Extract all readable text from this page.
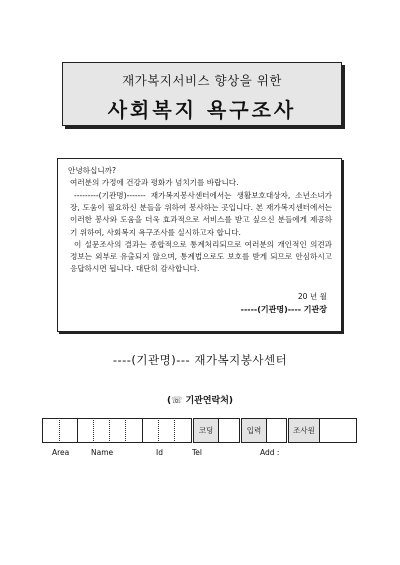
재가복지서비스 향상을 위한
사회복지 욕구조사

안녕하십니까?

여러분의 가정에 건강과 평화가 넘치기를 바랍니다.

---------(기관명)------- 재가복지봉사센터에서는 생활보호대상자, 소년소녀가장, 도움이 필요하신 분들을 위하여 봉사하는 곳입니다. 본 재가복지센터에서는 이러한 봉사와 도움을 더욱 효과적으로 서비스를 받고 싶으신 분들에게 제공하기 위하여, 사회복지 욕구조사를 실시하고자 합니다.

이 설문조사의 결과는 종합적으로 통계처리되므로 여러분의 개인적인 의견과 정보는 외부로 유출되지 않으며, 통계법으로도 보호를 받게 되므로 안심하시고 응답하시면 됩니다. 대단히 감사합니다.

20 년 월

-----(기관명)---- 기관장

----(기관명)--- 재가복지봉사센터
(☏ 기관연락처)
코딩	입력	조사원
Area	Name	Id	Tel	Add :
